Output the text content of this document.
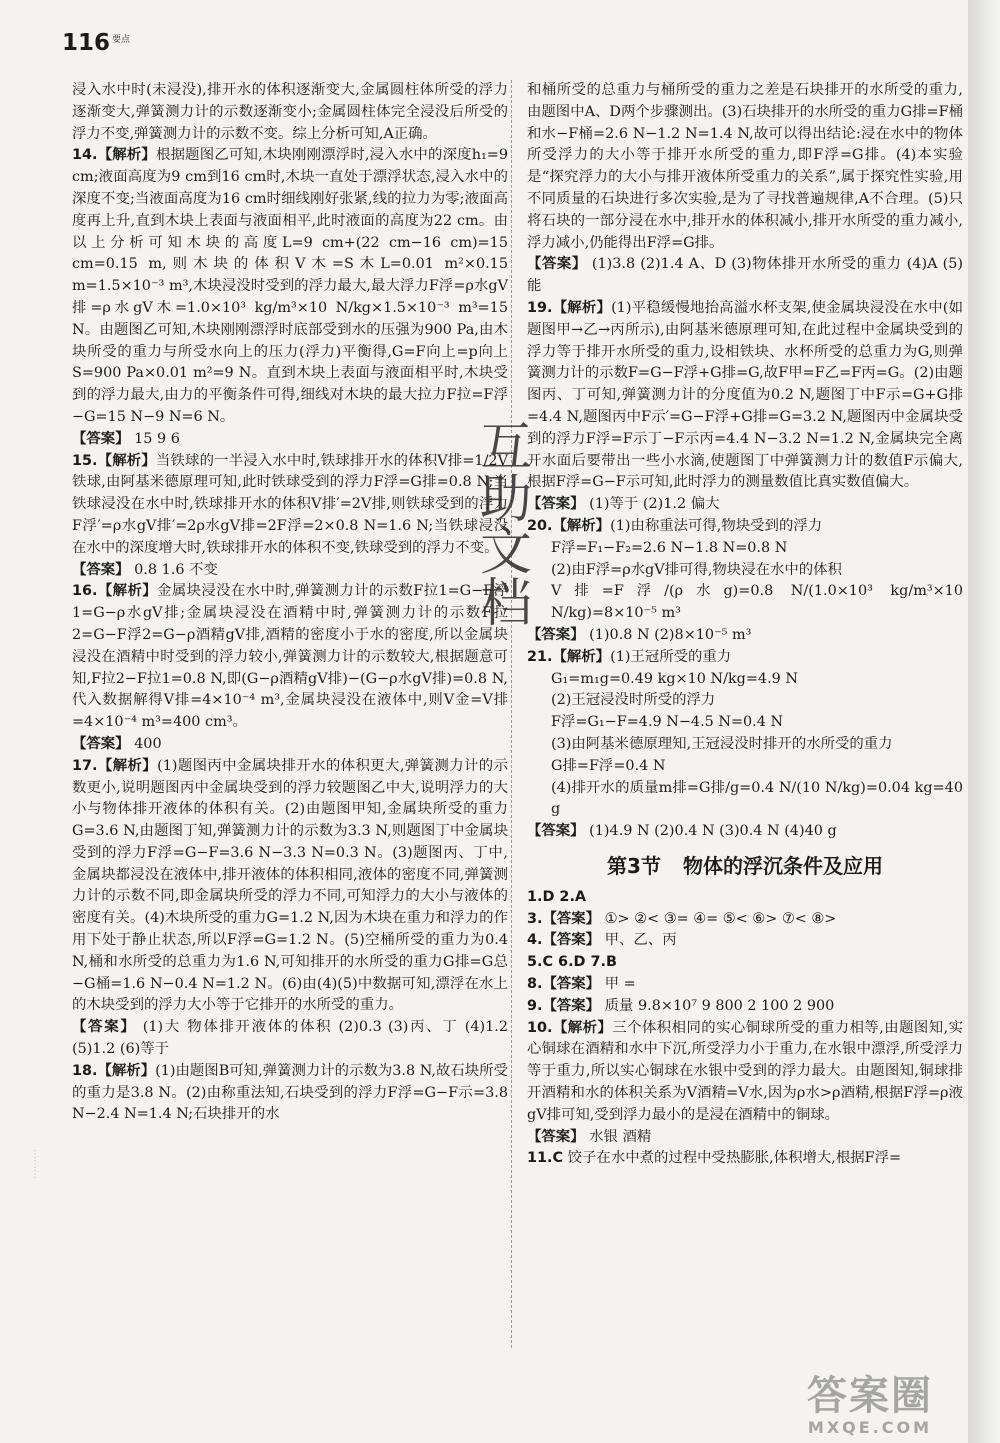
116 要点

浸入水中时(未浸没),排开水的体积逐渐变大,金属圆柱体所受的浮力逐渐变大,弹簧测力计的示数逐渐变小;金属圆柱体完全浸没后所受的浮力不变,弹簧测力计的示数不变。综上分析可知,A正确。

14.【解析】根据题图乙可知,木块刚刚漂浮时,浸入水中的深度h₁=9 cm;液面高度为9 cm到16 cm时,木块一直处于漂浮状态,浸入水中的深度不变;当液面高度为16 cm时细线刚好张紧,线的拉力为零;液面高度再上升,直到木块上表面与液面相平,此时液面的高度为22 cm。由以上分析可知木块的高度L=9 cm+(22 cm−16 cm)=15 cm=0.15 m,则木块的体积V木=S木L=0.01 m²×0.15 m=1.5×10⁻³ m³,木块浸没时受到的浮力最大,最大浮力F浮=ρ水gV排=ρ水gV木=1.0×10³ kg/m³×10 N/kg×1.5×10⁻³ m³=15 N。由题图乙可知,木块刚刚漂浮时底部受到水的压强为900 Pa,由木块所受的重力与所受水向上的压力(浮力)平衡得,G=F向上=p向上S=900 Pa×0.01 m²=9 N。直到木块上表面与液面相平时,木块受到的浮力最大,由力的平衡条件可得,细线对木块的最大拉力F拉=F浮−G=15 N−9 N=6 N。

【答案】 15 9 6

15.【解析】当铁球的一半浸入水中时,铁球排开水的体积V排=1/2V铁球,由阿基米德原理可知,此时铁球受到的浮力F浮=G排=0.8 N;当铁球浸没在水中时,铁球排开水的体积V排′=2V排,则铁球受到的浮力F浮′=ρ水gV排′=2ρ水gV排=2F浮=2×0.8 N=1.6 N;当铁球浸没在水中的深度增大时,铁球排开水的体积不变,铁球受到的浮力不变。

【答案】 0.8 1.6 不变

16.【解析】金属块浸没在水中时,弹簧测力计的示数F拉1=G−F浮1=G−ρ水gV排;金属块浸没在酒精中时,弹簧测力计的示数F拉2=G−F浮2=G−ρ酒精gV排,酒精的密度小于水的密度,所以金属块浸没在酒精中时受到的浮力较小,弹簧测力计的示数较大,根据题意可知,F拉2−F拉1=0.8 N,即(G−ρ酒精gV排)−(G−ρ水gV排)=0.8 N,代入数据解得V排=4×10⁻⁴ m³,金属块浸没在液体中,则V金=V排=4×10⁻⁴ m³=400 cm³。

【答案】 400

17.【解析】(1)题图丙中金属块排开水的体积更大,弹簧测力计的示数更小,说明题图丙中金属块受到的浮力较题图乙中大,说明浮力的大小与物体排开液体的体积有关。(2)由题图甲知,金属块所受的重力G=3.6 N,由题图丁知,弹簧测力计的示数为3.3 N,则题图丁中金属块受到的浮力F浮=G−F=3.6 N−3.3 N=0.3 N。(3)题图丙、丁中,金属块都浸没在液体中,排开液体的体积相同,液体的密度不同,弹簧测力计的示数不同,即金属块所受的浮力不同,可知浮力的大小与液体的密度有关。(4)木块所受的重力G=1.2 N,因为木块在重力和浮力的作用下处于静止状态,所以F浮=G=1.2 N。(5)空桶所受的重力为0.4 N,桶和水所受的总重力为1.6 N,可知排开的水所受的重力G排=G总−G桶=1.6 N−0.4 N=1.2 N。(6)由(4)(5)中数据可知,漂浮在水上的木块受到的浮力大小等于它排开的水所受的重力。

【答案】 (1)大 物体排开液体的体积 (2)0.3 (3)丙、丁 (4)1.2 (5)1.2 (6)等于

18.【解析】(1)由题图B可知,弹簧测力计的示数为3.8 N,故石块所受的重力是3.8 N。(2)由称重法知,石块受到的浮力F浮=G−F示=3.8 N−2.4 N=1.4 N;石块排开的水

和桶所受的总重力与桶所受的重力之差是石块排开的水所受的重力,由题图中A、D两个步骤测出。(3)石块排开的水所受的重力G排=F桶和水−F桶=2.6 N−1.2 N=1.4 N,故可以得出结论:浸在水中的物体所受浮力的大小等于排开水所受的重力,即F浮=G排。(4)本实验是“探究浮力的大小与排开液体所受重力的关系”,属于探究性实验,用不同质量的石块进行多次实验,是为了寻找普遍规律,A不合理。(5)只将石块的一部分浸在水中,排开水的体积减小,排开水所受的重力减小,浮力减小,仍能得出F浮=G排。

【答案】 (1)3.8 (2)1.4 A、D (3)物体排开水所受的重力 (4)A (5)能

19.【解析】(1)平稳缓慢地抬高溢水杯支架,使金属块浸没在水中(如题图甲→乙→丙所示),由阿基米德原理可知,在此过程中金属块受到的浮力等于排开水所受的重力,设相铁块、水杯所受的总重力为G,则弹簧测力计的示数F=G−F浮+G排=G,故F甲=F乙=F丙=G。(2)由题图丙、丁可知,弹簧测力计的分度值为0.2 N,题图丁中F示=G+G排=4.4 N,题图丙中F示′=G−F浮+G排=G=3.2 N,题图丙中金属块受到的浮力F浮=F示丁−F示丙=4.4 N−3.2 N=1.2 N,金属块完全离开水面后要带出一些小水滴,使题图丁中弹簧测力计的数值F示偏大,根据F浮=G−F示可知,此时浮力的测量数值比真实数值偏大。

【答案】 (1)等于 (2)1.2 偏大

20.【解析】(1)由称重法可得,物块受到的浮力

F浮=F₁−F₂=2.6 N−1.8 N=0.8 N

(2)由F浮=ρ水gV排可得,物块浸在水中的体积

V排=F浮/(ρ水g)=0.8 N/(1.0×10³ kg/m³×10 N/kg)=8×10⁻⁵ m³

【答案】 (1)0.8 N (2)8×10⁻⁵ m³

21.【解析】(1)王冠所受的重力

G₁=m₁g=0.49 kg×10 N/kg=4.9 N

(2)王冠浸没时所受的浮力

F浮=G₁−F=4.9 N−4.5 N=0.4 N

(3)由阿基米德原理知,王冠浸没时排开的水所受的重力

G排=F浮=0.4 N

(4)排开水的质量m排=G排/g=0.4 N/(10 N/kg)=0.04 kg=40 g

【答案】 (1)4.9 N (2)0.4 N (3)0.4 N (4)40 g

第3节 物体的浮沉条件及应用

1.D 2.A

3.【答案】 ①> ②< ③= ④= ⑤< ⑥> ⑦< ⑧>

4.【答案】 甲、乙、丙

5.C 6.D 7.B

8.【答案】 甲 =

9.【答案】 质量 9.8×10⁷ 9 800 2 100 2 900

10.【解析】三个体积相同的实心铜球所受的重力相等,由题图知,实心铜球在酒精和水中下沉,所受浮力小于重力,在水银中漂浮,所受浮力等于重力,所以实心铜球在水银中受到的浮力最大。由题图知,铜球排开酒精和水的体积关系为V酒精=V水,因为ρ水>ρ酒精,根据F浮=ρ液gV排可知,受到浮力最小的是浸在酒精中的铜球。

【答案】 水银 酒精

11.C 饺子在水中煮的过程中受热膨胀,体积增大,根据F浮=

互
助
文
档
⋮
⋮
⋮
答案圈
MXQE.COM
